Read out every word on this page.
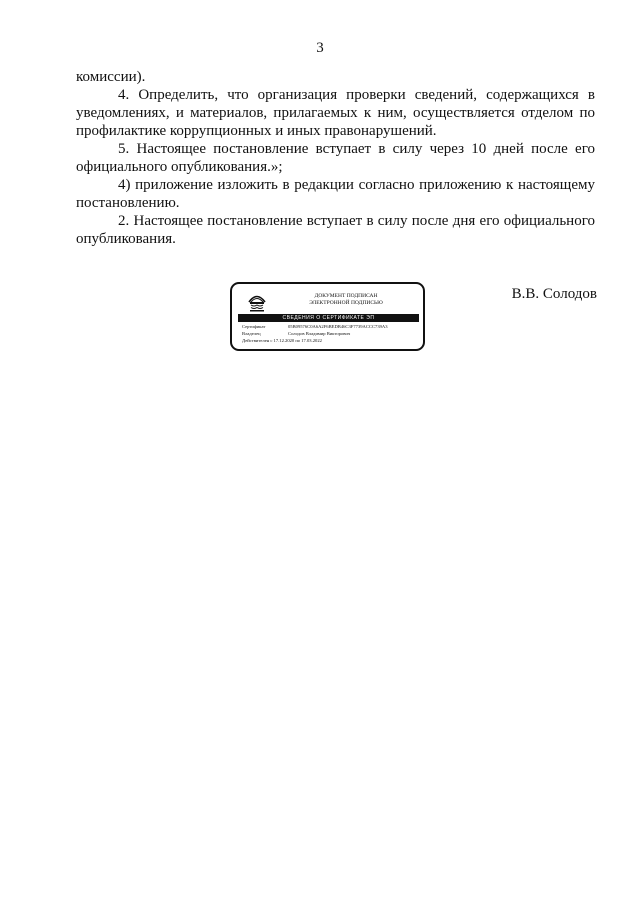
3

комиссии).

4. Определить, что организация проверки сведений, содержащихся в уведомлениях, и материалов, прилагаемых к ним, осуществляется отделом по профилактике коррупционных и иных правонарушений.

5. Настоящее постановление вступает в силу через 10 дней после его официального опубликования.»;

4) приложение изложить в редакции согласно приложению к настоящему постановлению.

2. Настоящее постановление вступает в силу после дня его официального опубликования.

ДОКУМЕНТ ПОДПИСАН
ЭЛЕКТРОННОЙ ПОДПИСЬЮ
СВЕДЕНИЯ О СЕРТИФИКАТЕ ЭП
Сертификат	05B09576C0A6A2F6BEDB46C3F7739ACCC739A3
Владелец	Солодов Владимир Викторович
Действителен с 17.12.2020 по 17.03.2022
В.В. Солодов
